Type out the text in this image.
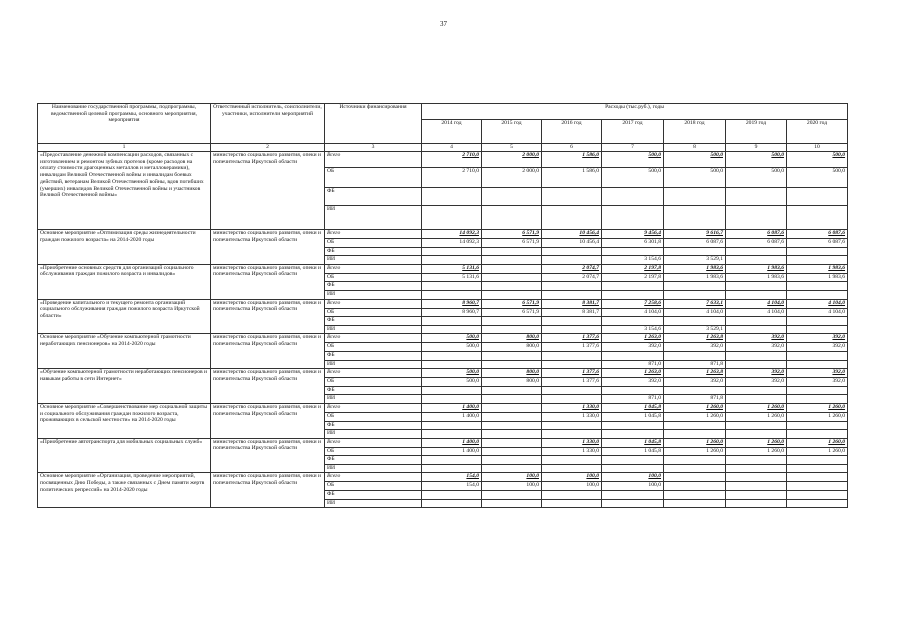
37
Наименование государственной программы, подпрограммы, ведомственной целевой программы, основного мероприятия, мероприятия	Ответственный исполнитель, соисполнители, участники, исполнители мероприятий	Источники финансирования	Расходы (тыс.руб.), годы						
			2014 год	2015 год	2016 год	2017 год	2018 год	2019 год	2020 год
1	2	3	4	5	6	7	8	9	10
«Предоставление денежной компенсации расходов, связанных с изготовлением и ремонтом зубных протезов (кроме расходов на оплату стоимости драгоценных металлов и металлокерамики), инвалидам Великой Отечественной войны и инвалидам боевых действий, ветеранам Великой Отечественной войны, вдов погибших (умерших) инвалидов Великой Отечественной войны и участников Великой Отечественной войны»	министерство социального развития, опеки и попечительства Иркутской области	Всего	2 710,0	2 000,0	1 586,0	500,0	500,0	500,0	500,0
		ОБ	2 710,0	2 000,0	1 586,0	500,0	500,0	500,0	500,0
		ФБ							
		ИИ							
Основное мероприятие «Оптимизация среды жизнедеятельности граждан пожилого возраста» на 2014-2020 годы	министерство социального развития, опеки и попечительства Иркутской области	Всего	14 092,3	6 571,9	10 456,4	9 456,4	9 616,7	6 087,6	6 087,6
		ОБ	14 092,3	6 571,9	10 456,4	6 301,8	6 087,6	6 087,6	6 087,6
		ФБ							
		ИИ				3 154,6	3 529,1		
«Приобретение основных средств для организаций социального обслуживания граждан пожилого возраста и инвалидов»	министерство социального развития, опеки и попечительства Иркутской области	Всего	5 131,6		2 074,7	2 197,8	1 983,6	1 983,6	1 983,6
		ОБ	5 131,6		2 074,7	2 197,8	1 983,6	1 983,6	1 983,6
		ФБ							
		ИИ							
«Проведение капитального и текущего ремонта организаций социального обслуживания граждан пожилого возраста Иркутской области»	министерство социального развития, опеки и попечительства Иркутской области	Всего	8 960,7	6 571,9	8 381,7	7 258,6	7 633,1	4 104,0	4 104,0
		ОБ	8 960,7	6 571,9	8 381,7	4 104,0	4 104,0	4 104,0	4 104,0
		ФБ							
		ИИ				3 154,6	3 529,1		
Основное мероприятие «Обучение компьютерной грамотности неработающих пенсионеров» на 2014-2020 годы	министерство социального развития, опеки и попечительства Иркутской области	Всего	500,0	800,0	1 377,6	1 263,0	1 263,8	392,0	392,0
		ОБ	500,0	800,0	1 377,6	392,0	392,0	392,0	392,0
		ФБ							
		ИИ				871,0	871,8		
«Обучение компьютерной грамотности неработающих пенсионеров и навыкам работы в сети Интернет»	министерство социального развития, опеки и попечительства Иркутской области	Всего	500,0	800,0	1 377,6	1 263,0	1 263,8	392,0	392,0
		ОБ	500,0	800,0	1 377,6	392,0	392,0	392,0	392,0
		ФБ							
		ИИ				871,0	871,8		
Основное мероприятие «Совершенствование мер социальной защиты и социального обслуживания граждан пожилого возраста, проживающих в сельской местности» на 2014-2020 годы	министерство социального развития, опеки и попечительства Иркутской области	Всего	1 400,0		1 330,0	1 045,8	1 260,0	1 260,0	1 260,0
		ОБ	1 400,0		1 330,0	1 045,8	1 260,0	1 260,0	1 260,0
		ФБ							
		ИИ							
«Приобретение автотранспорта для мобильных социальных служб»	министерство социального развития, опеки и попечительства Иркутской области	Всего	1 400,0		1 330,0	1 045,8	1 260,0	1 260,0	1 260,0
		ОБ	1 400,0		1 330,0	1 045,8	1 260,0	1 260,0	1 260,0
		ФБ							
		ИИ							
Основное мероприятие «Организация, проведение мероприятий, посвященных Дню Победы, а также связанных с Днем памяти жертв политических репрессий» на 2014-2020 годы	министерство социального развития, опеки и попечительства Иркутской области	Всего	154,0	100,0	100,0	100,0			
		ОБ	154,0	100,0	100,0	100,0			
		ФБ							
		ИИ							
